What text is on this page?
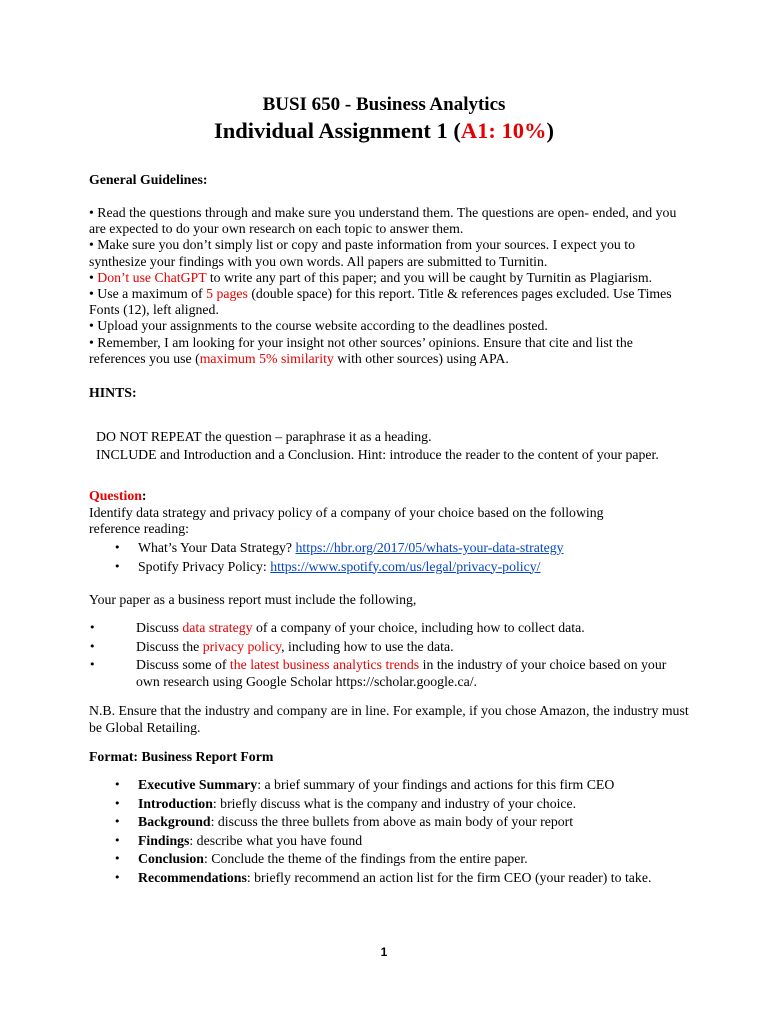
BUSI 650 - Business Analytics
Individual Assignment 1 (A1: 10%)

General Guidelines:

• Read the questions through and make sure you understand them. The questions are open- ended, and you are expected to do your own research on each topic to answer them.
• Make sure you don’t simply list or copy and paste information from your sources. I expect you to synthesize your findings with you own words. All papers are submitted to Turnitin.
• Don’t use ChatGPT to write any part of this paper; and you will be caught by Turnitin as Plagiarism.
• Use a maximum of 5 pages (double space) for this report. Title & references pages excluded. Use Times Fonts (12), left aligned.
• Upload your assignments to the course website according to the deadlines posted.
• Remember, I am looking for your insight not other sources’ opinions. Ensure that cite and list the references you use (maximum 5% similarity with other sources) using APA.

HINTS:

DO NOT REPEAT the question – paraphrase it as a heading.
INCLUDE and Introduction and a Conclusion. Hint: introduce the reader to the content of your paper.
Question:
Identify data strategy and privacy policy of a company of your choice based on the following reference reading:
• What’s Your Data Strategy? https://hbr.org/2017/05/whats-your-data-strategy
• Spotify Privacy Policy: https://www.spotify.com/us/legal/privacy-policy/

Your paper as a business report must include the following,

• Discuss data strategy of a company of your choice, including how to collect data.
• Discuss the privacy policy, including how to use the data.
• Discuss some of the latest business analytics trends in the industry of your choice based on your own research using Google Scholar https://scholar.google.ca/.

N.B. Ensure that the industry and company are in line. For example, if you chose Amazon, the industry must be Global Retailing.

Format: Business Report Form

• Executive Summary: a brief summary of your findings and actions for this firm CEO
• Introduction: briefly discuss what is the company and industry of your choice.
• Background: discuss the three bullets from above as main body of your report
• Findings: describe what you have found
• Conclusion: Conclude the theme of the findings from the entire paper.
• Recommendations: briefly recommend an action list for the firm CEO (your reader) to take.
1
